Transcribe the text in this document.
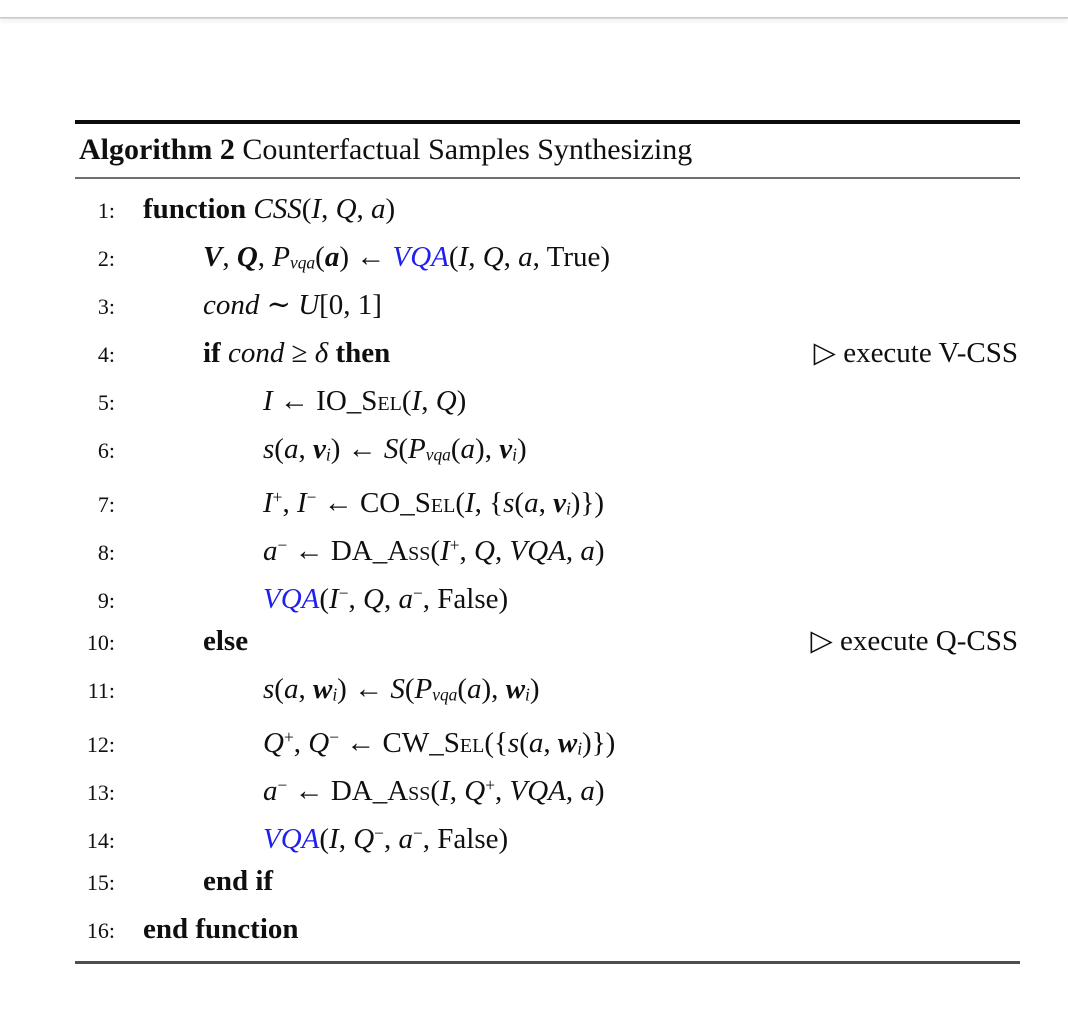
Algorithm 2 Counterfactual Samples Synthesizing
1: function CSS(I, Q, a)
2:	V, Q, Pvqa(a) ← VQA(I, Q, a, True)
3:	cond ∼ U[0, 1]
4:	if cond ≥ δ then	▷ execute V-CSS
5:	I ← IO_Sel(I, Q)
6:	s(a, vi) ← S(Pvqa(a), vi)
7:	I+, I− ← CO_Sel(I, {s(a, vi)})
8:	a− ← DA_Ass(I+, Q, VQA, a)
9:	VQA(I−, Q, a−, False)
10:	else	▷ execute Q-CSS
11:	s(a, wi) ← S(Pvqa(a), wi)
12:	Q+, Q− ← CW_Sel({s(a, wi)})
13:	a− ← DA_Ass(I, Q+, VQA, a)
14:	VQA(I, Q−, a−, False)
15:	end if
16: end function
